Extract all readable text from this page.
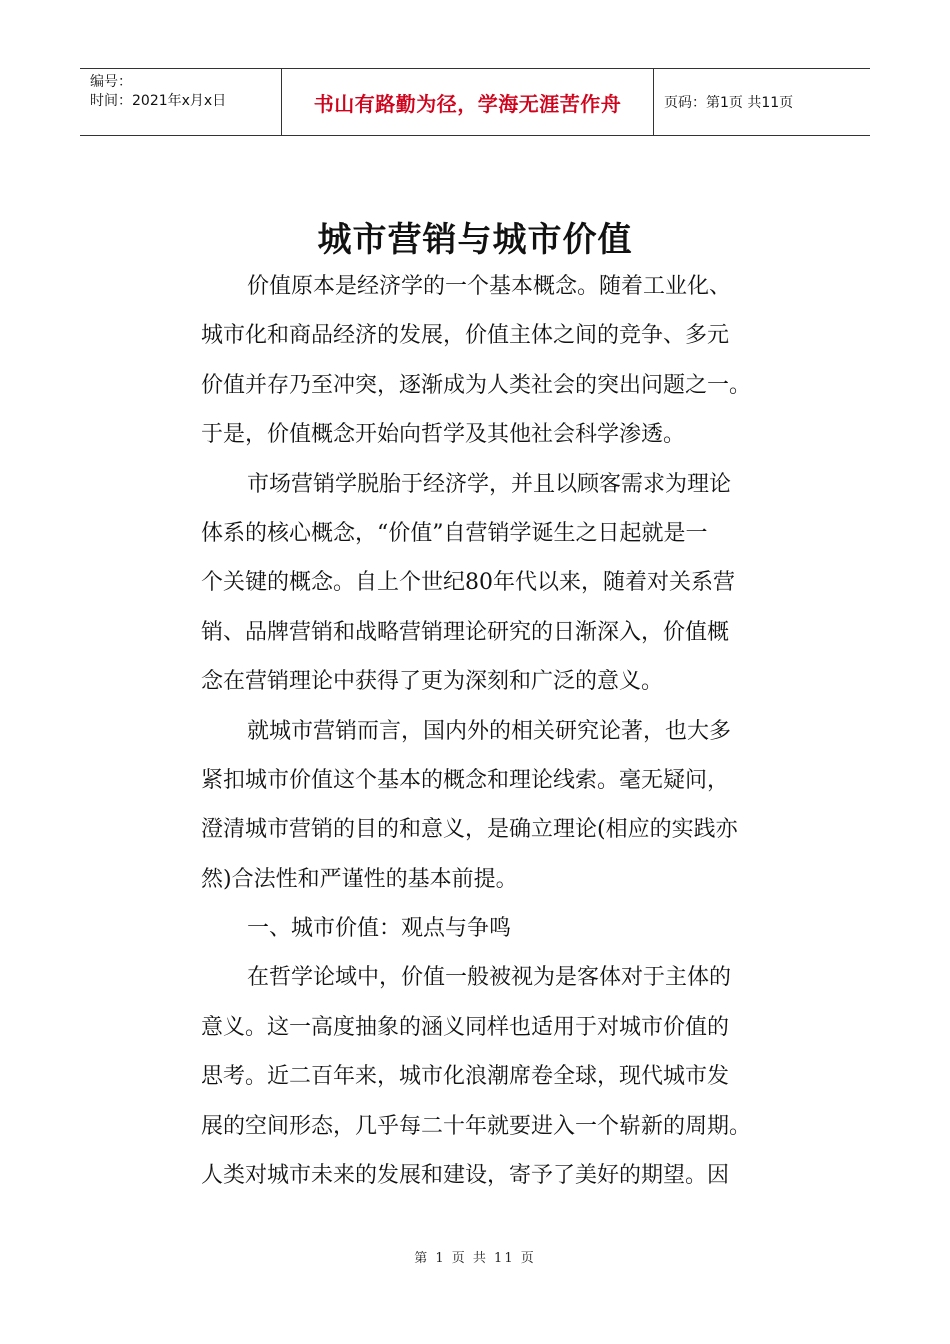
编号：
时间：2021年x月x日	书山有路勤为径，学海无涯苦作舟	页码：第1页 共11页
城市营销与城市价值
价值原本是经济学的一个基本概念。随着工业化、
城市化和商品经济的发展，价值主体之间的竞争、多元
价值并存乃至冲突，逐渐成为人类社会的突出问题之一。
于是，价值概念开始向哲学及其他社会科学渗透。
市场营销学脱胎于经济学，并且以顾客需求为理论
体系的核心概念，“价值”自营销学诞生之日起就是一
个关键的概念。自上个世纪80年代以来，随着对关系营
销、品牌营销和战略营销理论研究的日渐深入，价值概
念在营销理论中获得了更为深刻和广泛的意义。
就城市营销而言，国内外的相关研究论著，也大多
紧扣城市价值这个基本的概念和理论线索。毫无疑问，
澄清城市营销的目的和意义，是确立理论(相应的实践亦
然)合法性和严谨性的基本前提。
一、城市价值：观点与争鸣
在哲学论域中，价值一般被视为是客体对于主体的
意义。这一高度抽象的涵义同样也适用于对城市价值的
思考。近二百年来，城市化浪潮席卷全球，现代城市发
展的空间形态，几乎每二十年就要进入一个崭新的周期。
人类对城市未来的发展和建设，寄予了美好的期望。因
第 1 页 共 11 页
